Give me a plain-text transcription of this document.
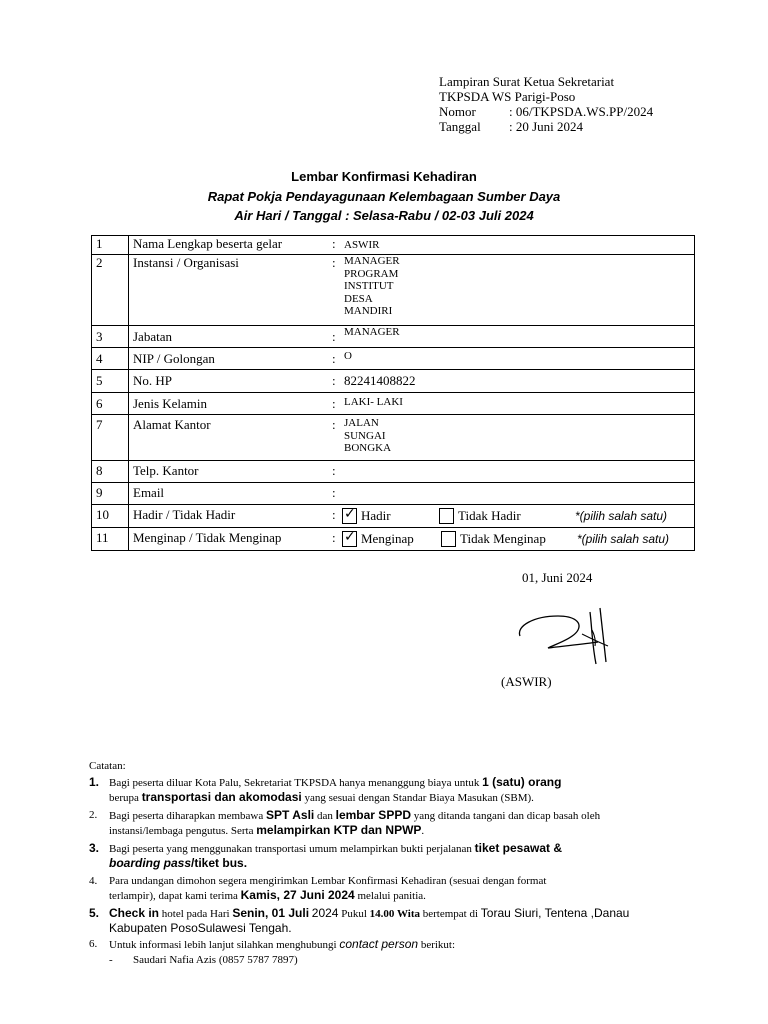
Lampiran Surat Ketua Sekretariat
TKPSDA WS Parigi-Poso
Nomor	: 06/TKPSDA.WS.PP/2024
Tanggal	: 20 Juni 2024
Lembar Konfirmasi Kehadiran
Rapat Pokja Pendayagunaan Kelembagaan Sumber Daya
Air Hari / Tanggal : Selasa-Rabu / 02-03 Juli 2024
1	Nama Lengkap beserta gelar	:	ASWIR
2	Instansi / Organisasi	:	MANAGER
PROGRAM
INSTITUT
DESA
MANDIRI

3	Jabatan	:	MANAGER
4	NIP / Golongan	:	O
5	No. HP	:	82241408822
6	Jenis Kelamin	:	LAKI- LAKI
7	Alamat Kantor	:	JALAN
SUNGAI
BONGKA

8	Telp. Kantor	:	
9	Email	:	
10	Hadir / Tidak Hadir	:	
✓Hadir Tidak Hadir *(pilih salah satu)

11	Menginap / Tidak Menginap	:	
✓Menginap Tidak Menginap *(pilih salah satu)
01, Juni 2024
(ASWIR)
Catatan:
1. Bagi peserta diluar Kota Palu, Sekretariat TKPSDA hanya menanggung biaya untuk 1 (satu) orang
berupa transportasi dan akomodasi yang sesuai dengan Standar Biaya Masukan (SBM).
2.	Bagi peserta diharapkan membawa SPT Asli dan lembar SPPD yang ditanda tangani dan dicap basah oleh
instansi/lembaga pengutus. Serta melampirkan KTP dan NPWP.
3. Bagi peserta yang menggunakan transportasi umum melampirkan bukti perjalanan tiket pesawat &
boarding pass/tiket bus.
4.	Para undangan dimohon segera mengirimkan Lembar Konfirmasi Kehadiran (sesuai dengan format
terlampir), dapat kami terima Kamis, 27 Juni 2024 melalui panitia.
5. Check in hotel pada Hari Senin, 01 Juli 2024 Pukul 14.00 Wita bertempat di Torau Siuri, Tentena ,Danau
Kabupaten PosoSulawesi Tengah.
6.	Untuk informasi lebih lanjut silahkan menghubungi contact person berikut:
-	Saudari Nafia Azis (0857 5787 7897)
